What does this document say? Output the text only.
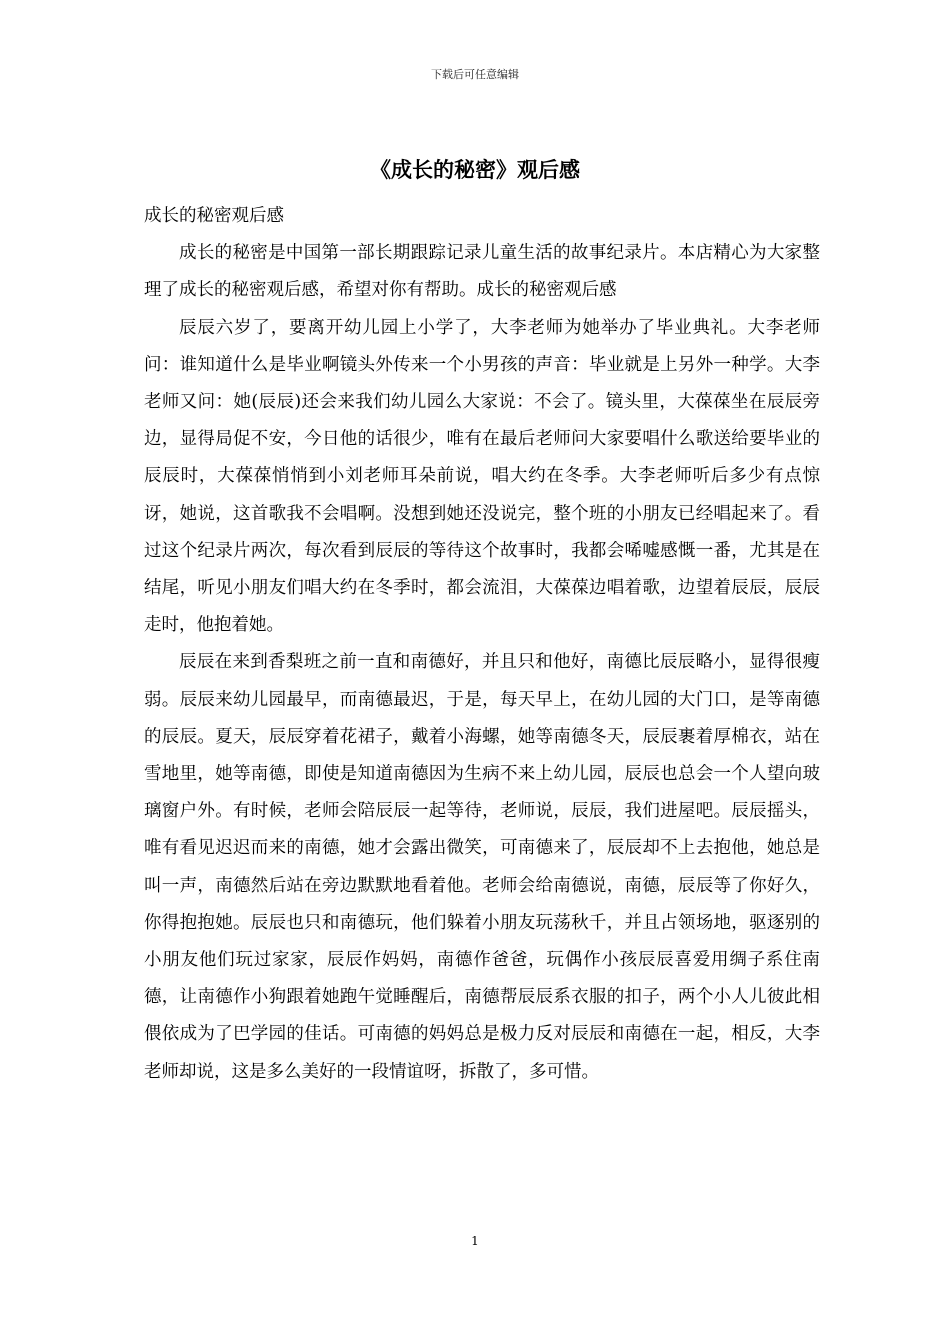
下载后可任意编辑
《成长的秘密》观后感

成长的秘密观后感

成长的秘密是中国第一部长期跟踪记录儿童生活的故事纪录片。本店精心为大家整理了成长的秘密观后感，希望对你有帮助。成长的秘密观后感

辰辰六岁了，要离开幼儿园上小学了，大李老师为她举办了毕业典礼。大李老师问：谁知道什么是毕业啊镜头外传来一个小男孩的声音：毕业就是上另外一种学。大李老师又问：她(辰辰)还会来我们幼儿园么大家说：不会了。镜头里，大葆葆坐在辰辰旁边，显得局促不安，今日他的话很少，唯有在最后老师问大家要唱什么歌送给要毕业的辰辰时，大葆葆悄悄到小刘老师耳朵前说，唱大约在冬季。大李老师听后多少有点惊讶，她说，这首歌我不会唱啊。没想到她还没说完，整个班的小朋友已经唱起来了。看过这个纪录片两次，每次看到辰辰的等待这个故事时，我都会唏嘘感慨一番，尤其是在结尾，听见小朋友们唱大约在冬季时，都会流泪，大葆葆边唱着歌，边望着辰辰，辰辰走时，他抱着她。

辰辰在来到香梨班之前一直和南德好，并且只和他好，南德比辰辰略小，显得很瘦弱。辰辰来幼儿园最早，而南德最迟，于是，每天早上，在幼儿园的大门口，是等南德的辰辰。夏天，辰辰穿着花裙子，戴着小海螺，她等南德冬天，辰辰裹着厚棉衣，站在雪地里，她等南德，即使是知道南德因为生病不来上幼儿园，辰辰也总会一个人望向玻璃窗户外。有时候，老师会陪辰辰一起等待，老师说，辰辰，我们进屋吧。辰辰摇头，唯有看见迟迟而来的南德，她才会露出微笑，可南德来了，辰辰却不上去抱他，她总是叫一声，南德然后站在旁边默默地看着他。老师会给南德说，南德，辰辰等了你好久，你得抱抱她。辰辰也只和南德玩，他们躲着小朋友玩荡秋千，并且占领场地，驱逐别的小朋友他们玩过家家，辰辰作妈妈，南德作爸爸，玩偶作小孩辰辰喜爱用绸子系住南德，让南德作小狗跟着她跑午觉睡醒后，南德帮辰辰系衣服的扣子，两个小人儿彼此相偎依成为了巴学园的佳话。可南德的妈妈总是极力反对辰辰和南德在一起，相反，大李老师却说，这是多么美好的一段情谊呀，拆散了，多可惜。

1
